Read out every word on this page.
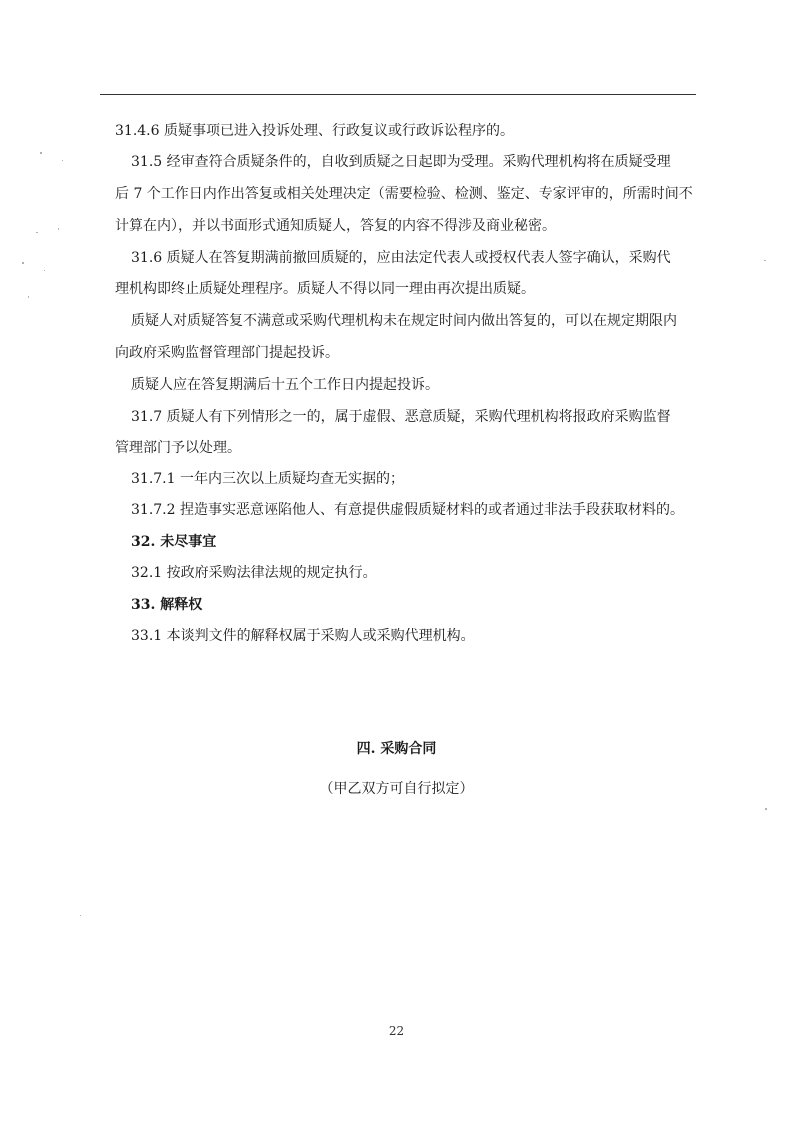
31.4.6 质疑事项已进入投诉处理、行政复议或行政诉讼程序的。
31.5 经审查符合质疑条件的，自收到质疑之日起即为受理。采购代理机构将在质疑受理
后 7 个工作日内作出答复或相关处理决定（需要检验、检测、鉴定、专家评审的，所需时间不
计算在内），并以书面形式通知质疑人，答复的内容不得涉及商业秘密。
31.6 质疑人在答复期满前撤回质疑的，应由法定代表人或授权代表人签字确认，采购代
理机构即终止质疑处理程序。质疑人不得以同一理由再次提出质疑。
质疑人对质疑答复不满意或采购代理机构未在规定时间内做出答复的，可以在规定期限内
向政府采购监督管理部门提起投诉。
质疑人应在答复期满后十五个工作日内提起投诉。
31.7 质疑人有下列情形之一的，属于虚假、恶意质疑，采购代理机构将报政府采购监督
管理部门予以处理。
31.7.1 一年内三次以上质疑均查无实据的；
31.7.2 捏造事实恶意诬陷他人、有意提供虚假质疑材料的或者通过非法手段获取材料的。
32. 未尽事宜
32.1 按政府采购法律法规的规定执行。
33. 解释权
33.1 本谈判文件的解释权属于采购人或采购代理机构。
四. 采购合同
（甲乙双方可自行拟定）
22
